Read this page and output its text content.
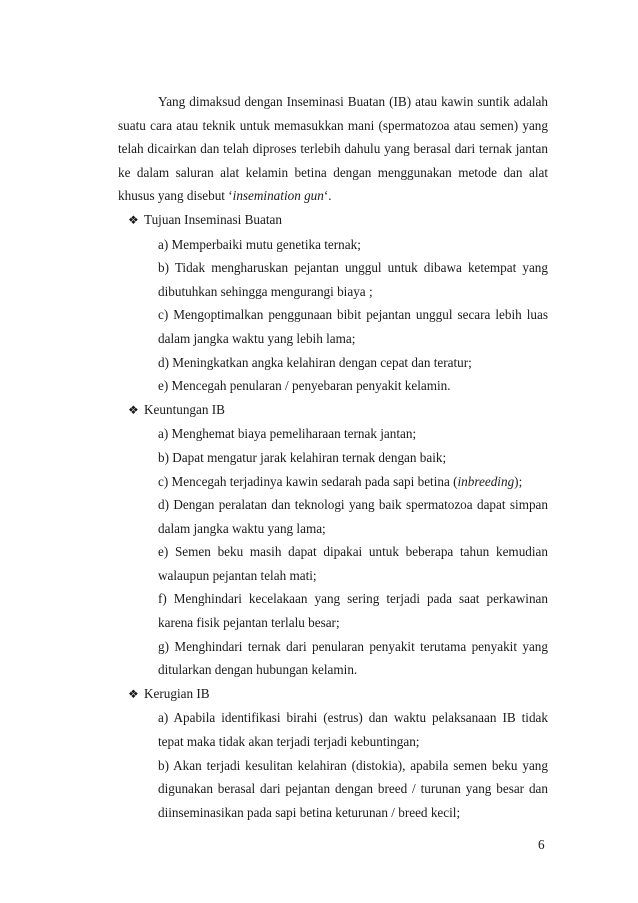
Yang dimaksud dengan Inseminasi Buatan (IB) atau kawin suntik adalah suatu cara atau teknik untuk memasukkan mani (spermatozoa atau semen) yang telah dicairkan dan telah diproses terlebih dahulu yang berasal dari ternak jantan ke dalam saluran alat kelamin betina dengan menggunakan metode dan alat khusus yang disebut ‘insemination gun‘.

❖ Tujuan Inseminasi Buatan
a) Memperbaiki mutu genetika ternak;
b) Tidak mengharuskan pejantan unggul untuk dibawa ketempat yang dibutuhkan sehingga mengurangi biaya ;
c) Mengoptimalkan penggunaan bibit pejantan unggul secara lebih luas dalam jangka waktu yang lebih lama;
d) Meningkatkan angka kelahiran dengan cepat dan teratur;
e) Mencegah penularan / penyebaran penyakit kelamin.
❖ Keuntungan IB
a) Menghemat biaya pemeliharaan ternak jantan;
b) Dapat mengatur jarak kelahiran ternak dengan baik;
c) Mencegah terjadinya kawin sedarah pada sapi betina (inbreeding);
d) Dengan peralatan dan teknologi yang baik spermatozoa dapat simpan dalam jangka waktu yang lama;
e) Semen beku masih dapat dipakai untuk beberapa tahun kemudian walaupun pejantan telah mati;
f) Menghindari kecelakaan yang sering terjadi pada saat perkawinan karena fisik pejantan terlalu besar;
g) Menghindari ternak dari penularan penyakit terutama penyakit yang ditularkan dengan hubungan kelamin.
❖ Kerugian IB
a) Apabila identifikasi birahi (estrus) dan waktu pelaksanaan IB tidak tepat maka tidak akan terjadi terjadi kebuntingan;
b) Akan terjadi kesulitan kelahiran (distokia), apabila semen beku yang digunakan berasal dari pejantan dengan breed / turunan yang besar dan diinseminasikan pada sapi betina keturunan / breed kecil;
6
